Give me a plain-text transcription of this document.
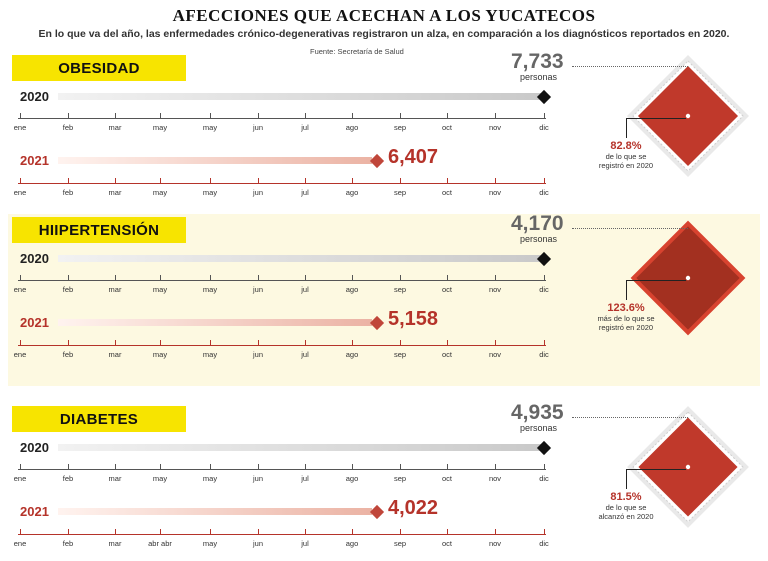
AFECCIONES QUE ACECHAN A LOS YUCATECOS
En lo que va del año, las enfermedades crónico-degenerativas registraron un alza, en comparación a los diagnósticos reportados en 2020.
Fuente: Secretaría de Salud
OBESIDAD
2020
ene	feb	mar	may	may	jun	jul	ago	sep	oct	nov	dic
7,733
personas
2021	6,407
ene	feb	mar	may	may	jun	jul	ago	sep	oct	nov	dic
82.8%
de lo que se
registró en 2020
HIIPERTENSIÓN
2020
ene	feb	mar	may	may	jun	jul	ago	sep	oct	nov	dic
4,170
personas
2021	5,158
ene	feb	mar	may	may	jun	jul	ago	sep	oct	nov	dic
123.6%
más de lo que se
registró en 2020
DIABETES
2020
ene	feb	mar	may	may	jun	jul	ago	sep	oct	nov	dic
4,935
personas
2021	4,022
ene	feb	mar	abr abr	may	jun	jul	ago	sep	oct	nov	dic
81.5%
de lo que se
alcanzó en 2020
